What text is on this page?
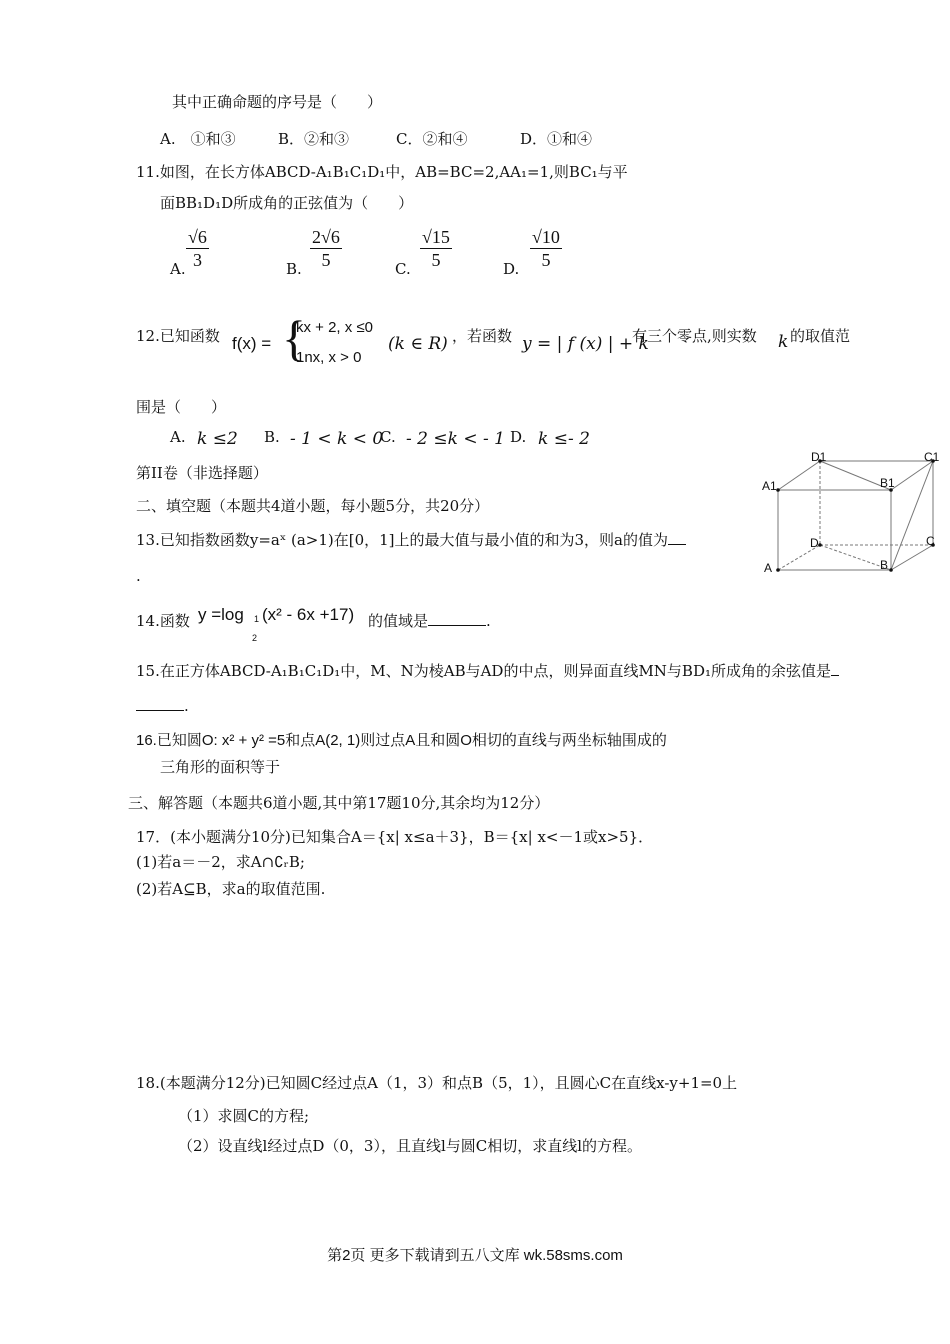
其中正确命题的序号是（　　）
A.　①和③	B．②和③	C．②和④	D．①和④
11.如图，在长方体ABCD-A₁B₁C₁D₁中，AB=BC=2,AA₁=1,则BC₁与平
面BB₁D₁D所成角的正弦值为（　　）
A. $\frac{√6}{3}$	B. $\frac{2√6}{5}$	C. $\frac{√15}{5}$	D. $\frac{√10}{5}$
12.已知函数 f(x) = {
kx + 2, x ≤0
1nx, x > 0
(k ∈ R) ，若函数 y = | f (x) | + k
有三个零点,则实数 k 的取值范
围是（　　）
A. k ≤2 B. - 1 < k < 0
C. - 2 ≤k < - 1 D. k ≤- 2
第II卷（非选择题）
二、填空题（本题共4道小题，每小题5分，共20分）
13.已知指数函数y=aˣ (a>1)在[0，1]上的最大值与最小值的和为3，则a的值为
.
14.函数 y =log 1
2
(x² - 6x +17) 的值域是	.
15.在正方体ABCD-A₁B₁C₁D₁中，M、N为棱AB与AD的中点，则异面直线MN与BD₁所成角的余弦值是
.
16.已知圆O: x² + y² =5和点A(2, 1)则过点A且和圆O相切的直线与两坐标轴围成的
三角形的面积等于
三、解答题（本题共6道小题,其中第17题10分,其余均为12分）
17．(本小题满分10分)已知集合A＝{x| x≤a＋3}，B＝{x| x<－1或x>5}．
(1)若a＝－2，求A∩∁ᵣB;
(2)若A⊆B，求a的取值范围.
18.(本题满分12分)已知圆C经过点A（1，3）和点B（5，1），且圆心C在直线x-y+1=0上
（1）求圆C的方程;
（2）设直线l经过点D（0，3），且直线l与圆C相切，求直线l的方程。
D1	C1
A1	B1
D	C
A	B
第2页 更多下载请到五八文库 wk.58sms.com
